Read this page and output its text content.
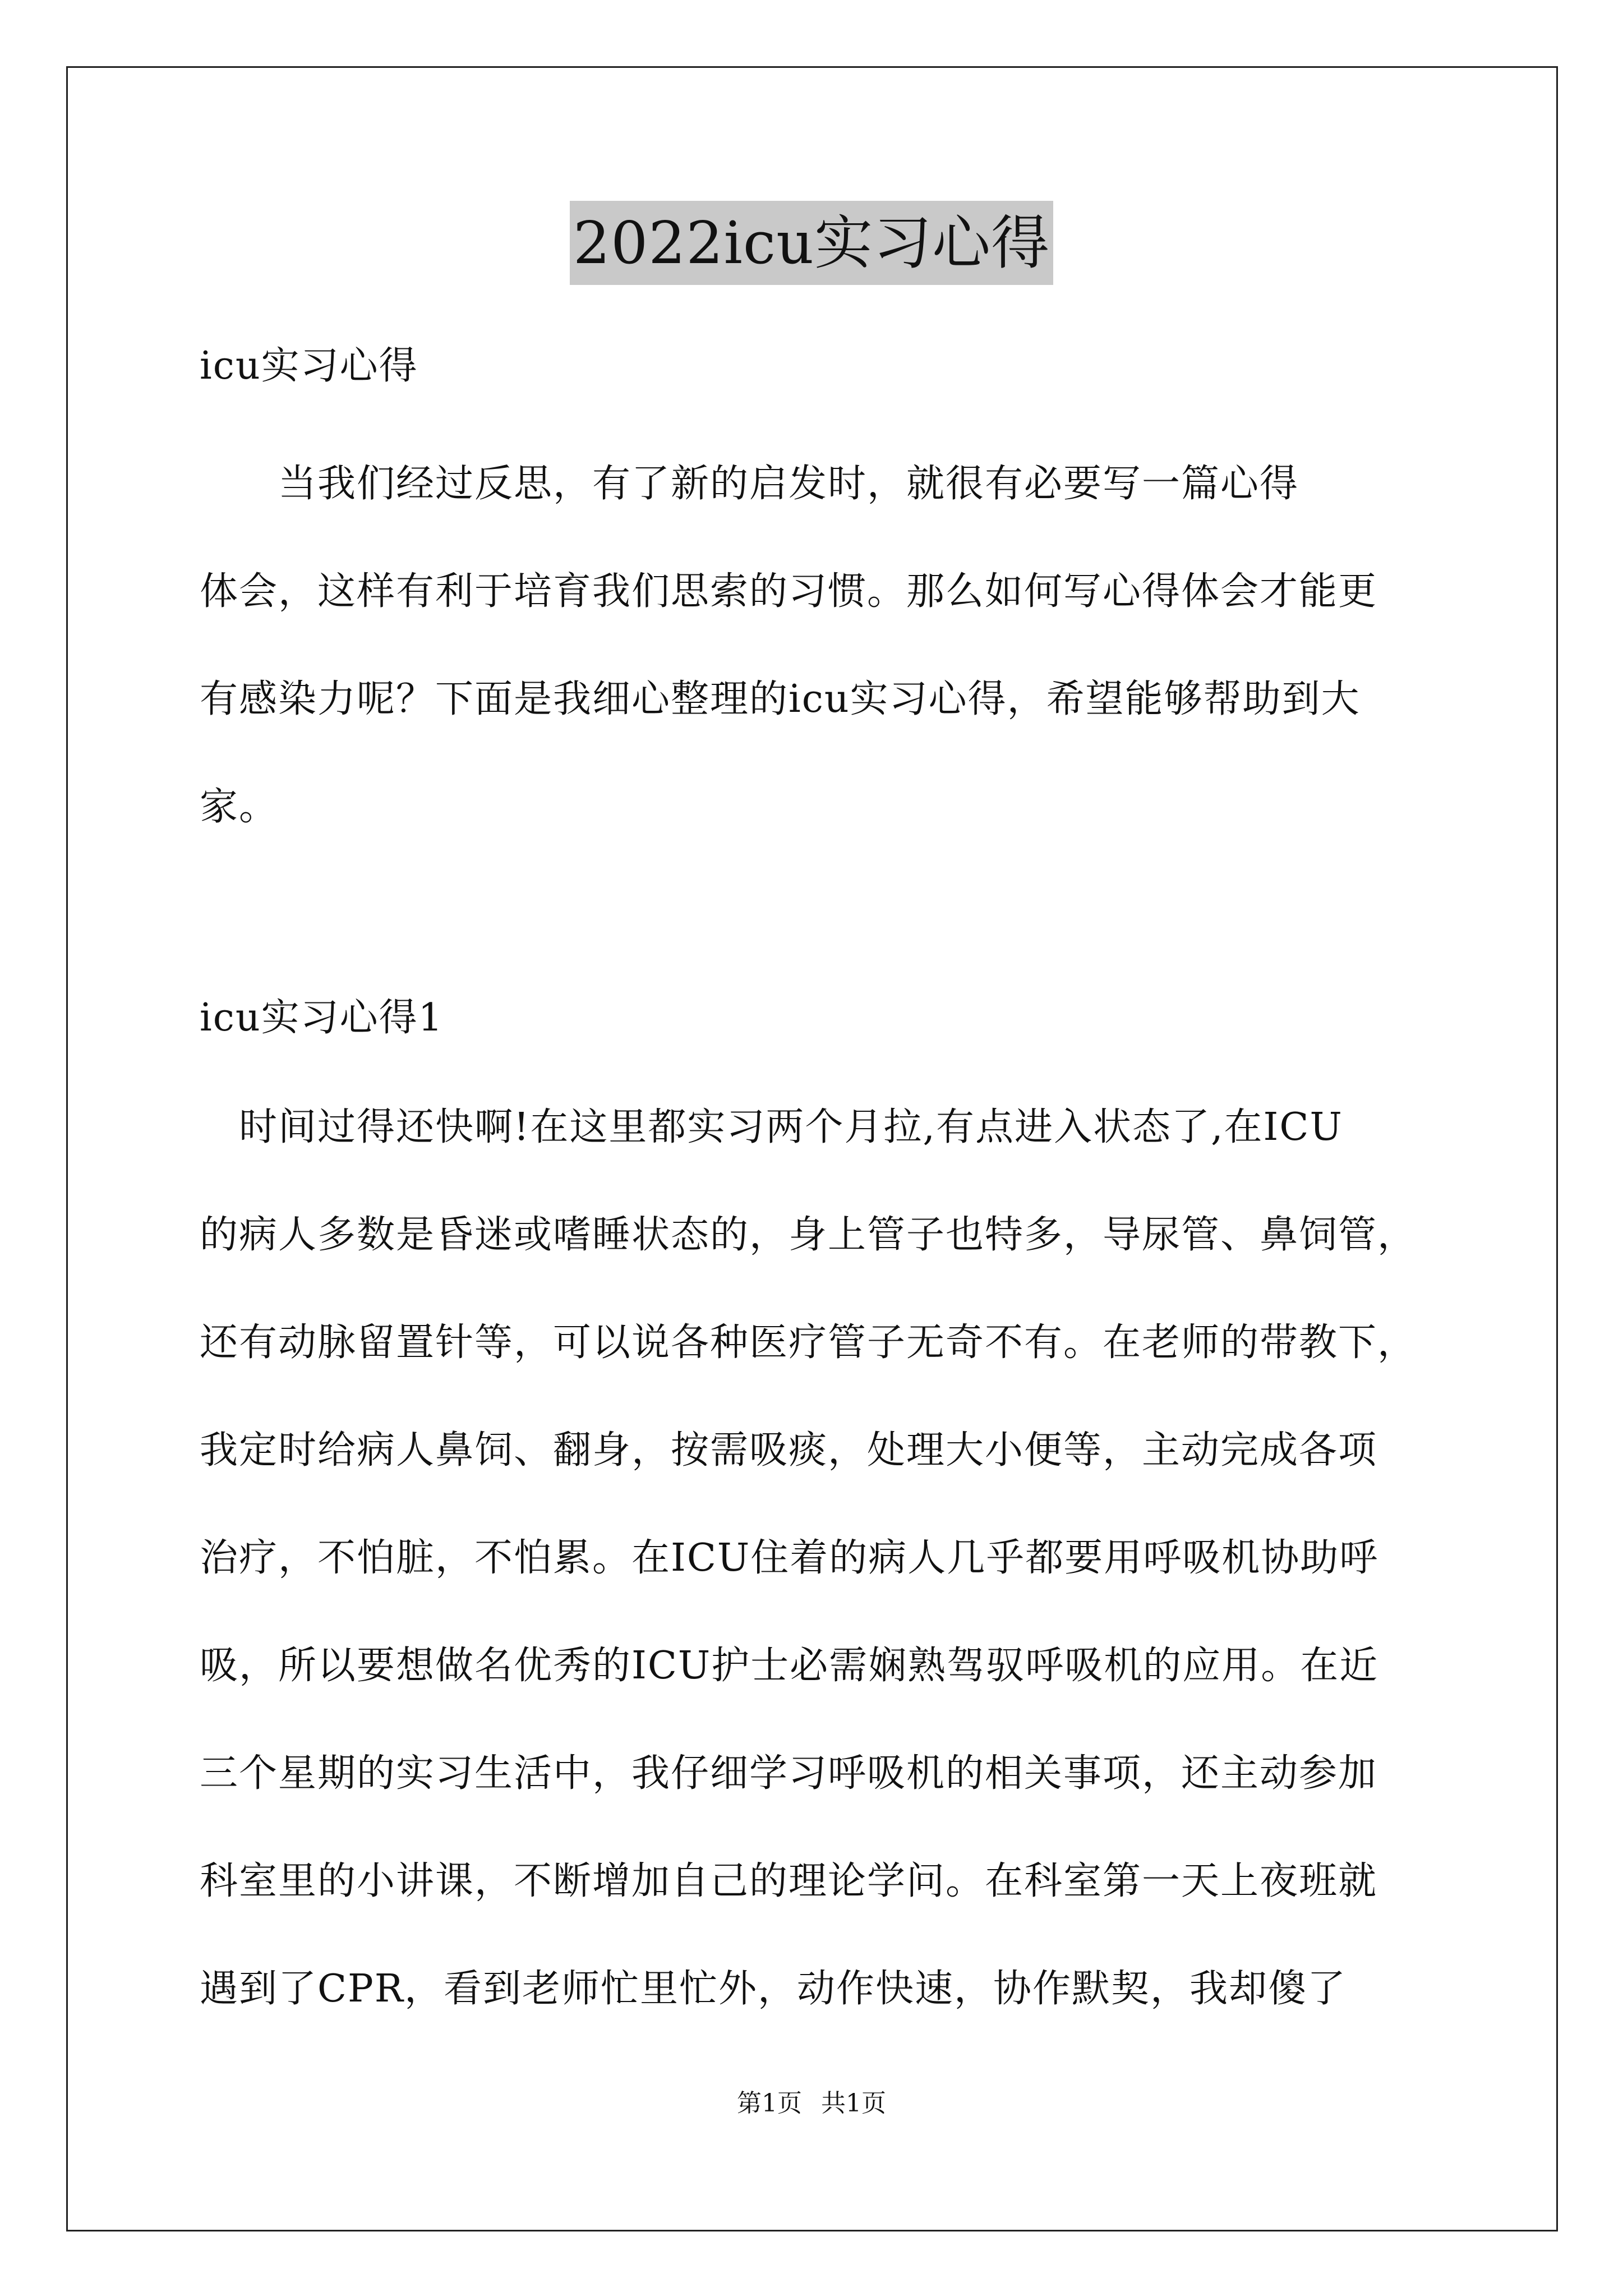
2022icu实习心得
icu实习心得
　　当我们经过反思，有了新的启发时，就很有必要写一篇心得
体会，这样有利于培育我们思索的习惯。那么如何写心得体会才能更
有感染力呢？下面是我细心整理的icu实习心得，希望能够帮助到大
家。
icu实习心得1
　时间过得还快啊!在这里都实习两个月拉,有点进入状态了,在ICU
的病人多数是昏迷或嗜睡状态的，身上管子也特多，导尿管、鼻饲管，
还有动脉留置针等，可以说各种医疗管子无奇不有。在老师的带教下，
我定时给病人鼻饲、翻身，按需吸痰，处理大小便等，主动完成各项
治疗，不怕脏，不怕累。在ICU住着的病人几乎都要用呼吸机协助呼
吸，所以要想做名优秀的ICU护士必需娴熟驾驭呼吸机的应用。在近
三个星期的实习生活中，我仔细学习呼吸机的相关事项，还主动参加
科室里的小讲课，不断增加自己的理论学问。在科室第一天上夜班就
遇到了CPR，看到老师忙里忙外，动作快速，协作默契，我却傻了
第1页 共1页
